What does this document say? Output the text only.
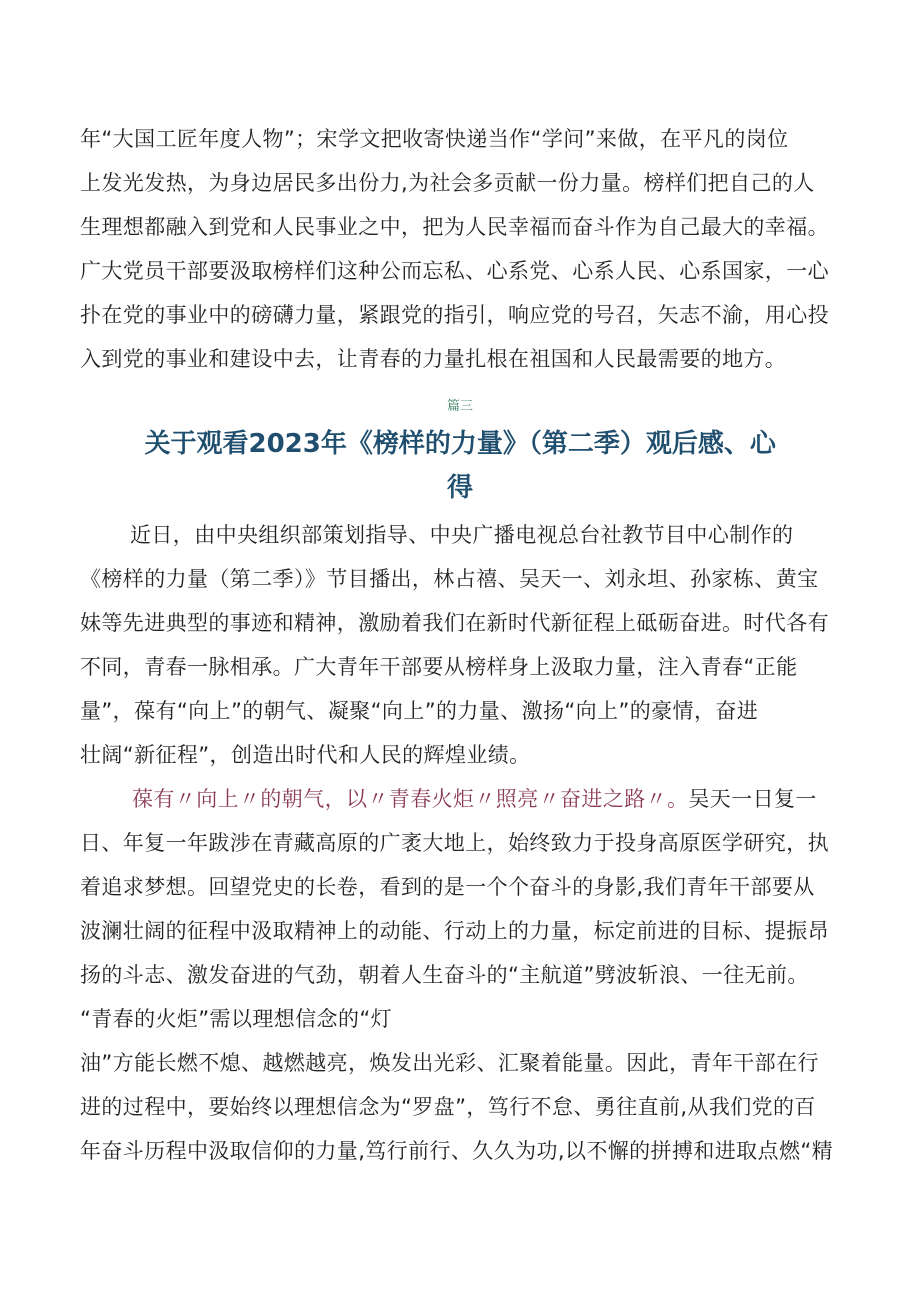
年“大国工匠年度人物”；宋学文把收寄快递当作“学问”来做，在平凡的岗位
上发光发热，为身边居民多出份力,为社会多贡献一份力量。榜样们把自己的人
生理想都融入到党和人民事业之中，把为人民幸福而奋斗作为自己最大的幸福。
广大党员干部要汲取榜样们这种公而忘私、心系党、心系人民、心系国家，一心
扑在党的事业中的磅礴力量，紧跟党的指引，响应党的号召，矢志不渝，用心投
入到党的事业和建设中去，让青春的力量扎根在祖国和人民最需要的地方。
篇三
关于观看2023年《榜样的力量》（第二季）观后感、心
得
近日，由中央组织部策划指导、中央广播电视总台社教节目中心制作的
《榜样的力量（第二季）》节目播出，林占禧、吴天一、刘永坦、孙家栋、黄宝
妹等先进典型的事迹和精神，激励着我们在新时代新征程上砥砺奋进。时代各有
不同，青春一脉相承。广大青年干部要从榜样身上汲取力量，注入青春“正能
量”，葆有“向上”的朝气、凝聚“向上”的力量、激扬“向上”的豪情，奋进
壮阔“新征程”，创造出时代和人民的辉煌业绩。
葆有〃向上〃的朝气，以〃青春火炬〃照亮〃奋进之路〃。吴天一日复一
日、年复一年跋涉在青藏高原的广袤大地上，始终致力于投身高原医学研究，执
着追求梦想。回望党史的长卷，看到的是一个个奋斗的身影,我们青年干部要从
波澜壮阔的征程中汲取精神上的动能、行动上的力量，标定前进的目标、提振昂
扬的斗志、激发奋进的气劲，朝着人生奋斗的“主航道”劈波斩浪、一往无前。
“青春的火炬”需以理想信念的“灯
油”方能长燃不熄、越燃越亮，焕发出光彩、汇聚着能量。因此，青年干部在行
进的过程中，要始终以理想信念为“罗盘”，笃行不怠、勇往直前,从我们党的百
年奋斗历程中汲取信仰的力量,笃行前行、久久为功,以不懈的拼搏和进取点燃“精
